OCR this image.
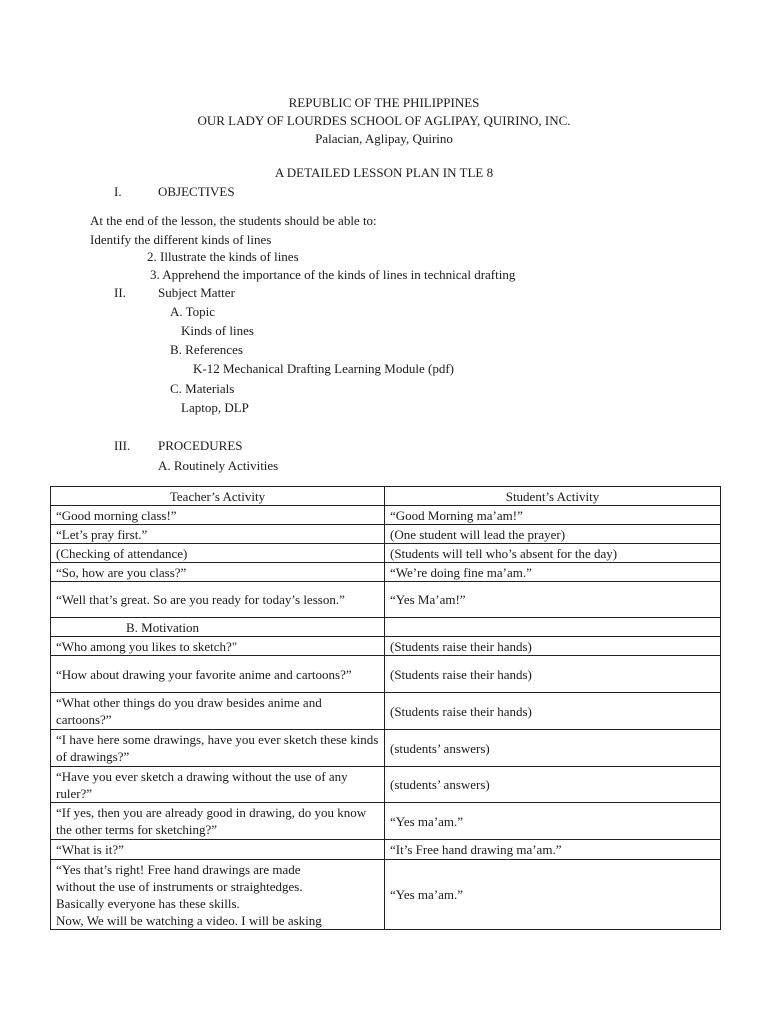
REPUBLIC OF THE PHILIPPINES
OUR LADY OF LOURDES SCHOOL OF AGLIPAY, QUIRINO, INC.
Palacian, Aglipay, Quirino
A DETAILED LESSON PLAN IN TLE 8
I.	OBJECTIVES
At the end of the lesson, the students should be able to:
Identify the different kinds of lines
2. Illustrate the kinds of lines
3. Apprehend the importance of the kinds of lines in technical drafting
II. Subject Matter
A. Topic
Kinds of lines
B. References
K-12 Mechanical Drafting Learning Module (pdf)
C. Materials
Laptop, DLP
III. PROCEDURES
A. Routinely Activities
Teacher’s Activity	Student’s Activity
“Good morning class!”	“Good Morning ma’am!”
“Let’s pray first.”	(One student will lead the prayer)
(Checking of attendance)	(Students will tell who’s absent for the day)
“So, how are you class?”	“We’re doing fine ma’am.”
“Well that’s great. So are you ready for today’s lesson.”	“Yes Ma’am!”
B. Motivation	
“Who among you likes to sketch?"	(Students raise their hands)
“How about drawing your favorite anime and cartoons?”	(Students raise their hands)
“What other things do you draw besides anime and cartoons?”	(Students raise their hands)
“I have here some drawings, have you ever sketch these kinds of drawings?”	(students’ answers)
“Have you ever sketch a drawing without the use of any ruler?”	(students’ answers)
“If yes, then you are already good in drawing, do you know the other terms for sketching?”	“Yes ma’am.”
“What is it?”	“It’s Free hand drawing ma’am.”

“Yes that’s right! Free hand drawings are made
without the use of instruments or straightedges.
Basically everyone has these skills.
Now, We will be watching a video. I will be asking	“Yes ma’am.”
